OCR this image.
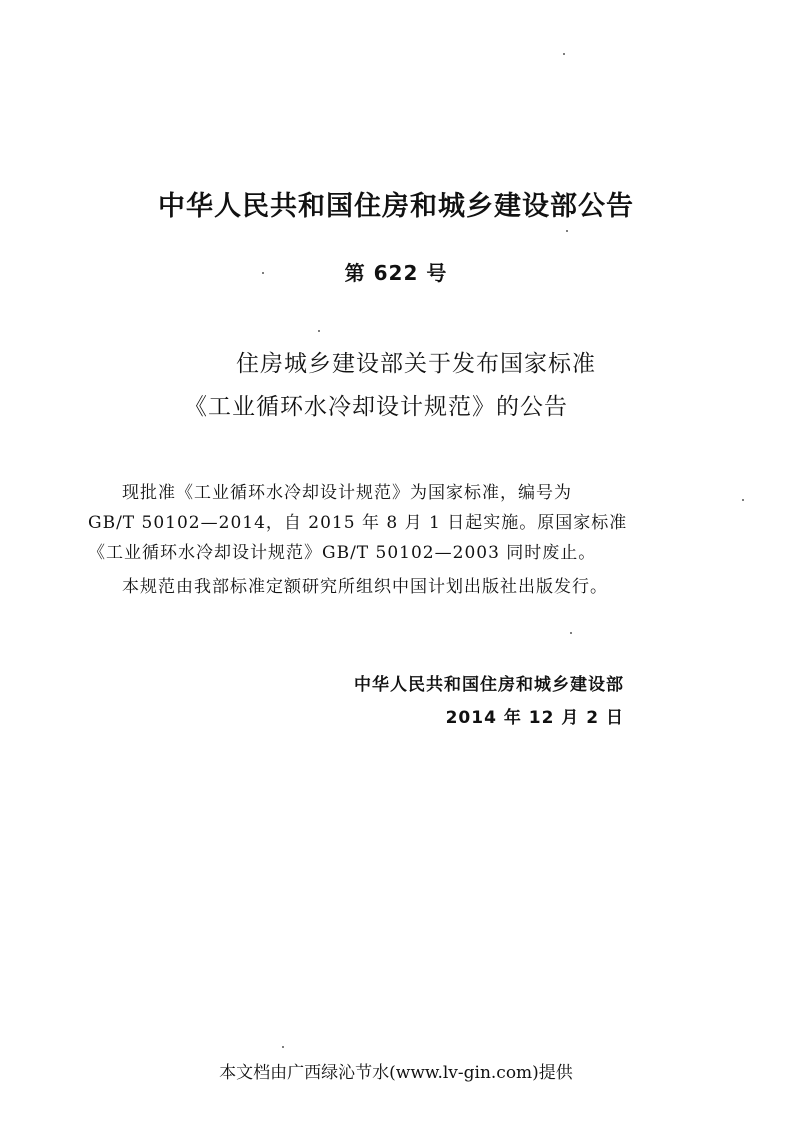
中华人民共和国住房和城乡建设部公告
第 622 号
住房城乡建设部关于发布国家标准
《工业循环水冷却设计规范》的公告
现批准《工业循环水冷却设计规范》为国家标准，编号为
GB/T 50102—2014，自 2015 年 8 月 1 日起实施。原国家标准
《工业循环水冷却设计规范》GB/T 50102—2003 同时废止。
本规范由我部标准定额研究所组织中国计划出版社出版发行。
中华人民共和国住房和城乡建设部
2014 年 12 月 2 日
本文档由广西绿沁节水(www.lv-gin.com)提供
